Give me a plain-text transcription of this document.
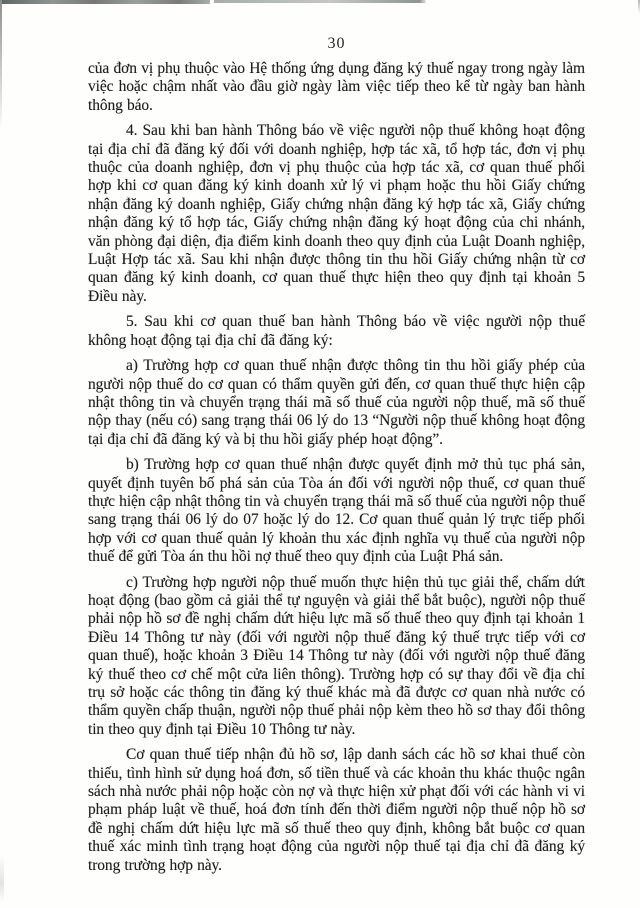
30

của đơn vị phụ thuộc vào Hệ thống ứng dụng đăng ký thuế ngay trong ngày làm việc hoặc chậm nhất vào đầu giờ ngày làm việc tiếp theo kể từ ngày ban hành thông báo.

4. Sau khi ban hành Thông báo về việc người nộp thuế không hoạt động tại địa chỉ đã đăng ký đối với doanh nghiệp, hợp tác xã, tổ hợp tác, đơn vị phụ thuộc của doanh nghiệp, đơn vị phụ thuộc của hợp tác xã, cơ quan thuế phối hợp khi cơ quan đăng ký kinh doanh xử lý vi phạm hoặc thu hồi Giấy chứng nhận đăng ký doanh nghiệp, Giấy chứng nhận đăng ký hợp tác xã, Giấy chứng nhận đăng ký tổ hợp tác, Giấy chứng nhận đăng ký hoạt động của chi nhánh, văn phòng đại diện, địa điểm kinh doanh theo quy định của Luật Doanh nghiệp, Luật Hợp tác xã. Sau khi nhận được thông tin thu hồi Giấy chứng nhận từ cơ quan đăng ký kinh doanh, cơ quan thuế thực hiện theo quy định tại khoản 5 Điều này.

5. Sau khi cơ quan thuế ban hành Thông báo về việc người nộp thuế không hoạt động tại địa chỉ đã đăng ký:

a) Trường hợp cơ quan thuế nhận được thông tin thu hồi giấy phép của người nộp thuế do cơ quan có thẩm quyền gửi đến, cơ quan thuế thực hiện cập nhật thông tin và chuyển trạng thái mã số thuế của người nộp thuế, mã số thuế nộp thay (nếu có) sang trạng thái 06 lý do 13 “Người nộp thuế không hoạt động tại địa chỉ đã đăng ký và bị thu hồi giấy phép hoạt động”.

b) Trường hợp cơ quan thuế nhận được quyết định mở thủ tục phá sản, quyết định tuyên bố phá sản của Tòa án đối với người nộp thuế, cơ quan thuế thực hiện cập nhật thông tin và chuyển trạng thái mã số thuế của người nộp thuế sang trạng thái 06 lý do 07 hoặc lý do 12. Cơ quan thuế quản lý trực tiếp phối hợp với cơ quan thuế quản lý khoản thu xác định nghĩa vụ thuế của người nộp thuế để gửi Tòa án thu hồi nợ thuế theo quy định của Luật Phá sản.

c) Trường hợp người nộp thuế muốn thực hiện thủ tục giải thể, chấm dứt hoạt động (bao gồm cả giải thể tự nguyện và giải thể bắt buộc), người nộp thuế phải nộp hồ sơ đề nghị chấm dứt hiệu lực mã số thuế theo quy định tại khoản 1 Điều 14 Thông tư này (đối với người nộp thuế đăng ký thuế trực tiếp với cơ quan thuế), hoặc khoản 3 Điều 14 Thông tư này (đối với người nộp thuế đăng ký thuế theo cơ chế một cửa liên thông). Trường hợp có sự thay đổi về địa chỉ trụ sở hoặc các thông tin đăng ký thuế khác mà đã được cơ quan nhà nước có thẩm quyền chấp thuận, người nộp thuế phải nộp kèm theo hồ sơ thay đổi thông tin theo quy định tại Điều 10 Thông tư này.

Cơ quan thuế tiếp nhận đủ hồ sơ, lập danh sách các hồ sơ khai thuế còn thiếu, tình hình sử dụng hoá đơn, số tiền thuế và các khoản thu khác thuộc ngân sách nhà nước phải nộp hoặc còn nợ và thực hiện xử phạt đối với các hành vi vi phạm pháp luật về thuế, hoá đơn tính đến thời điểm người nộp thuế nộp hồ sơ đề nghị chấm dứt hiệu lực mã số thuế theo quy định, không bắt buộc cơ quan thuế xác minh tình trạng hoạt động của người nộp thuế tại địa chỉ đã đăng ký trong trường hợp này.
